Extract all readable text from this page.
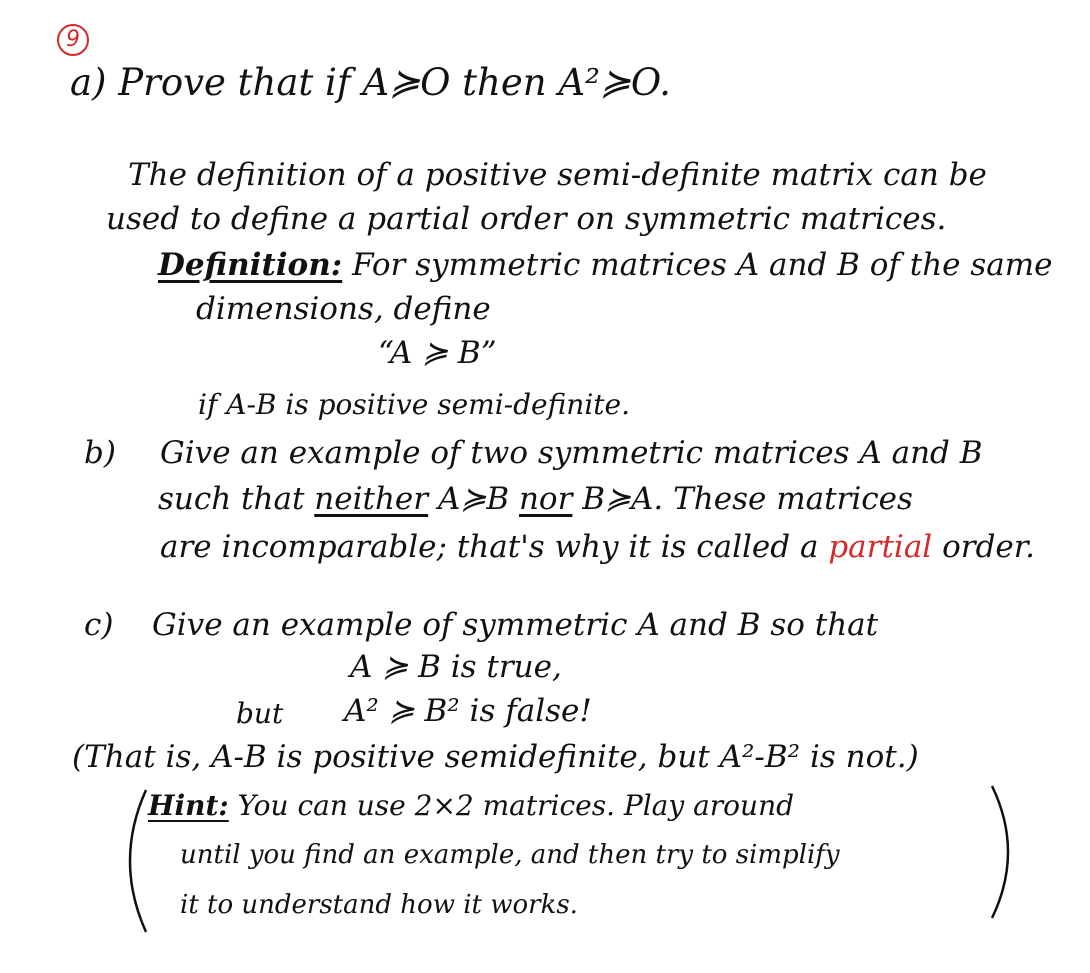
9
a) Prove that if A≽O then A²≽O.
The definition of a positive semi-definite matrix can be
used to define a partial order on symmetric matrices.
Definition: For symmetric matrices A and B of the same
dimensions, define
“A ≽ B”
if A-B is positive semi-definite.
b) Give an example of two symmetric matrices A and B
such that neither A≽B nor B≽A. These matrices
are incomparable; that's why it is called a partial order.
c) Give an example of symmetric A and B so that
A ≽ B is true,
but A² ≽ B² is false!
(That is, A-B is positive semidefinite, but A²-B² is not.)
Hint: You can use 2×2 matrices. Play around
until you find an example, and then try to simplify
it to understand how it works.
